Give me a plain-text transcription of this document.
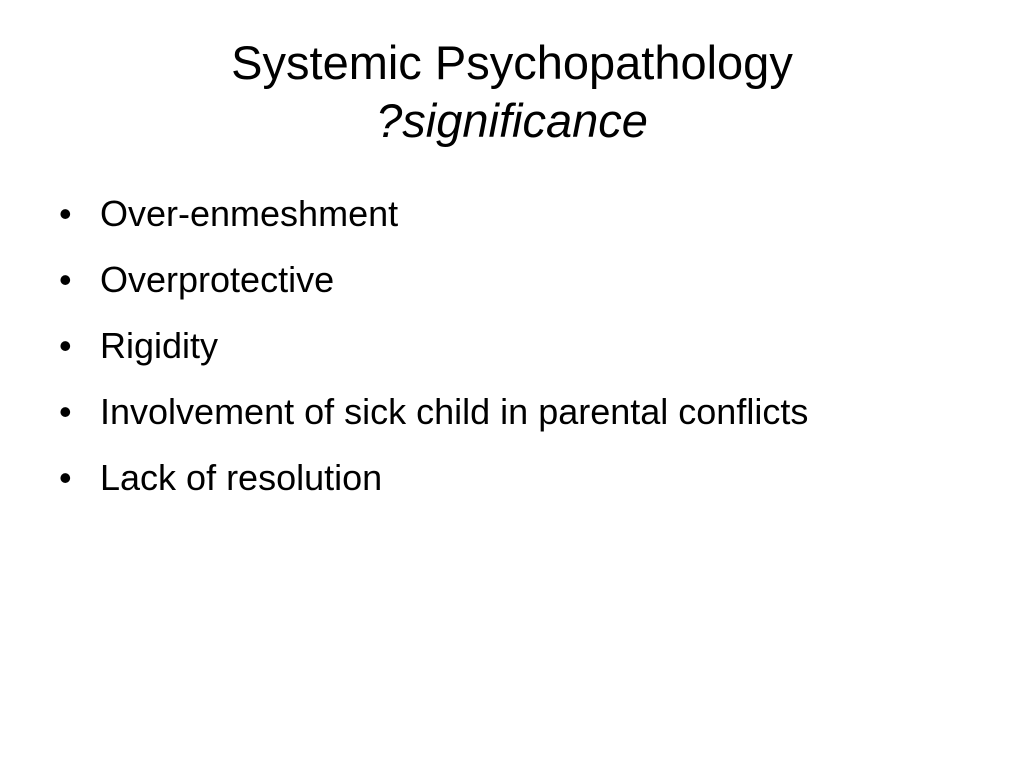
Systemic Psychopathology
?significance
• Over-enmeshment
• Overprotective
• Rigidity
• Involvement of sick child in parental conflicts
• Lack of resolution
